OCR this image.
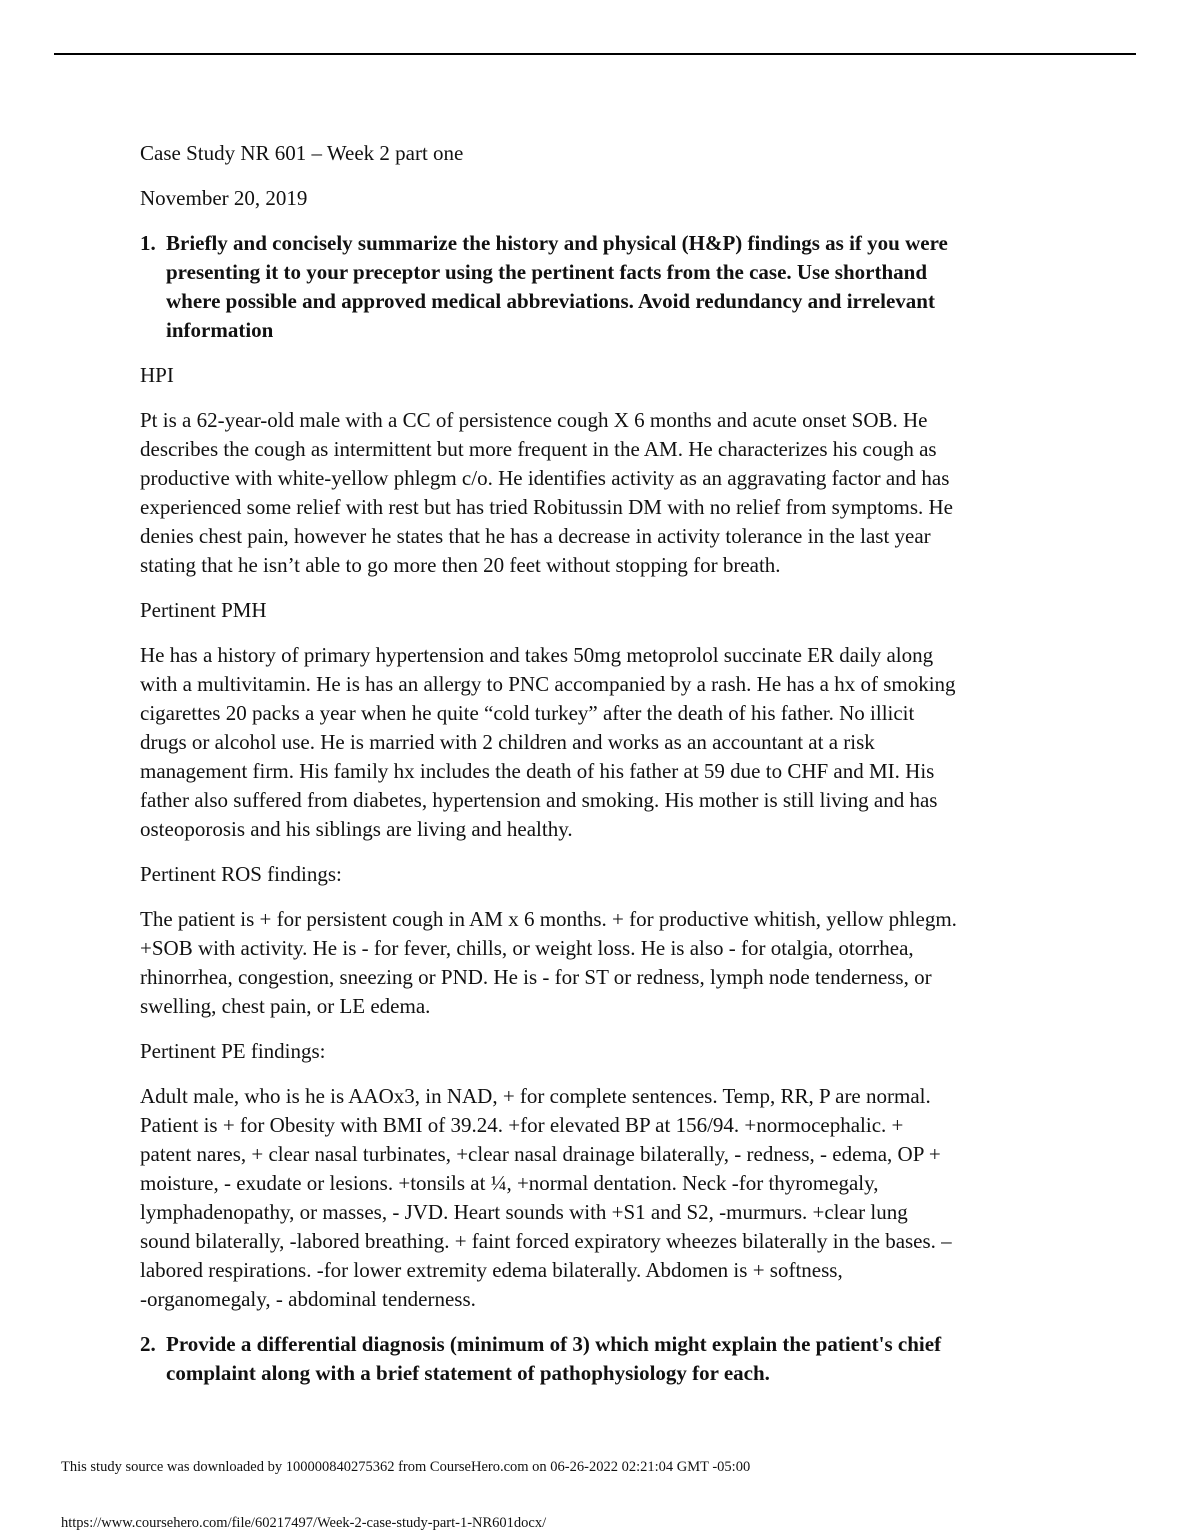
Case Study NR 601 – Week 2 part one
November 20, 2019
1. Briefly and concisely summarize the history and physical (H&P) findings as if you were
presenting it to your preceptor using the pertinent facts from the case. Use shorthand
where possible and approved medical abbreviations. Avoid redundancy and irrelevant
information
HPI
Pt is a 62-year-old male with a CC of persistence cough X 6 months and acute onset SOB. He
describes the cough as intermittent but more frequent in the AM. He characterizes his cough as
productive with white-yellow phlegm c/o. He identifies activity as an aggravating factor and has
experienced some relief with rest but has tried Robitussin DM with no relief from symptoms. He
denies chest pain, however he states that he has a decrease in activity tolerance in the last year
stating that he isn’t able to go more then 20 feet without stopping for breath.
Pertinent PMH
He has a history of primary hypertension and takes 50mg metoprolol succinate ER daily along
with a multivitamin. He is has an allergy to PNC accompanied by a rash. He has a hx of smoking
cigarettes 20 packs a year when he quite “cold turkey” after the death of his father. No illicit
drugs or alcohol use. He is married with 2 children and works as an accountant at a risk
management firm. His family hx includes the death of his father at 59 due to CHF and MI. His
father also suffered from diabetes, hypertension and smoking. His mother is still living and has
osteoporosis and his siblings are living and healthy.
Pertinent ROS findings:
The patient is + for persistent cough in AM x 6 months. + for productive whitish, yellow phlegm.
+SOB with activity. He is - for fever, chills, or weight loss. He is also - for otalgia, otorrhea,
rhinorrhea, congestion, sneezing or PND. He is - for ST or redness, lymph node tenderness, or
swelling, chest pain, or LE edema.
Pertinent PE findings:
Adult male, who is he is AAOx3, in NAD, + for complete sentences. Temp, RR, P are normal.
Patient is + for Obesity with BMI of 39.24. +for elevated BP at 156/94. +normocephalic. +
patent nares, + clear nasal turbinates, +clear nasal drainage bilaterally, - redness, - edema, OP +
moisture, - exudate or lesions. +tonsils at ¼, +normal dentation. Neck -for thyromegaly,
lymphadenopathy, or masses, - JVD. Heart sounds with +S1 and S2, -murmurs. +clear lung
sound bilaterally, -labored breathing. + faint forced expiratory wheezes bilaterally in the bases. –
labored respirations. -for lower extremity edema bilaterally. Abdomen is + softness,
-organomegaly, - abdominal tenderness.
2. Provide a differential diagnosis (minimum of 3) which might explain the patient's chief
complaint along with a brief statement of pathophysiology for each.
This study source was downloaded by 100000840275362 from CourseHero.com on 06-26-2022 02:21:04 GMT -05:00
https://www.coursehero.com/file/60217497/Week-2-case-study-part-1-NR601docx/
